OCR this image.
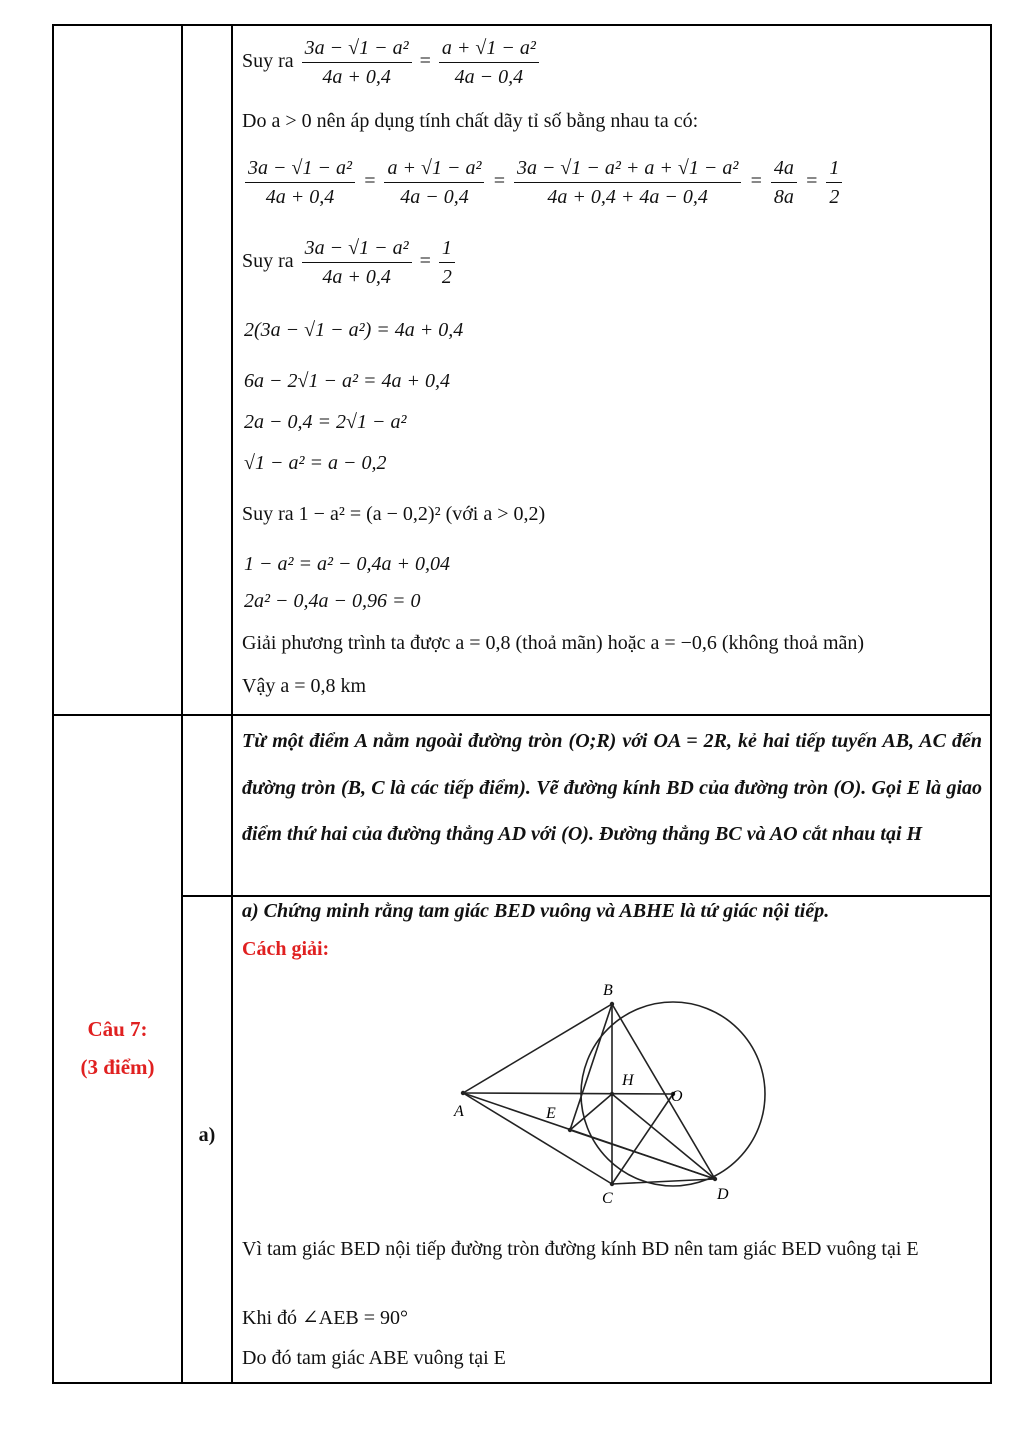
Suy ra $\frac{\text{3a − √1 − a²}}{4a + 0,4} = \frac{\text{a + √1 − a²}}{4a - 0,4}$
Do a > 0 nên áp dụng tính chất dãy tỉ số bằng nhau ta có:
$\frac{\text{3a − √1 − a²}}{4a + 0,4} = \frac{\text{a + √1 − a²}}{4a - 0,4} = \frac{\text{3a − √1 − a² + a + √1 − a²}}{4a + 0,4 + 4a - 0,4} = \frac{4a}{8a} = \frac{1}{2}$
Suy ra $\frac{\text{3a − √1 − a²}}{4a + 0,4} = \frac{1}{2}$
2(3a − √1 − a²) = 4a + 0,4
6a − 2√1 − a² = 4a + 0,4
2a − 0,4 = 2√1 − a²
√1 − a² = a − 0,2
Suy ra 1 − a² = (a − 0,2)² (với a > 0,2)
1 − a² = a² − 0,4a + 0,04
2a² − 0,4a − 0,96 = 0
Giải phương trình ta được a = 0,8 (thoả mãn) hoặc a = −0,6 (không thoả mãn)
Vậy a = 0,8 km
Câu 7:
(3 điểm)
a)
Từ một điểm A nằm ngoài đường tròn (O;R) với OA = 2R, kẻ hai tiếp tuyến AB, AC đến đường tròn (B, C là các tiếp điểm). Vẽ đường kính BD của đường tròn (O). Gọi E là giao điểm thứ hai của đường thẳng AD với (O). Đường thẳng BC và AO cắt nhau tại H
a) Chứng minh rằng tam giác BED vuông và ABHE là tứ giác nội tiếp.
Cách giải:
B
H
O
A	E
C	D
Vì tam giác BED nội tiếp đường tròn đường kính BD nên tam giác BED vuông tại E
Khi đó ∠AEB = 90°
Do đó tam giác ABE vuông tại E
